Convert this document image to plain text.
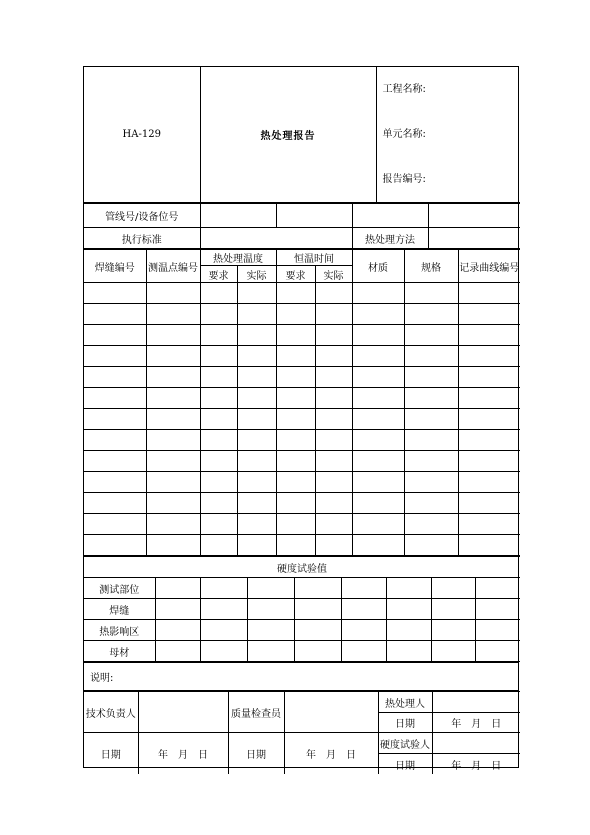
HA-129	热处理报告	
工程名称:
单元名称:
报告编号:
管线号/设备位号				
执行标准			热处理方法	
焊缝编号	测温点编号	热处理温度		恒温时间		材质	规格	记录曲线编号
		要求	实际	要求	实际			

硬度试验值								
测试部位								
焊缝								
热影响区								
母材								
说明:
技术负责人		质量检查员		热处理人	
				日期	年　月　日
日期	年　月　日	日期	年　月　日	硬度试验人	
				日期	年　月　日
